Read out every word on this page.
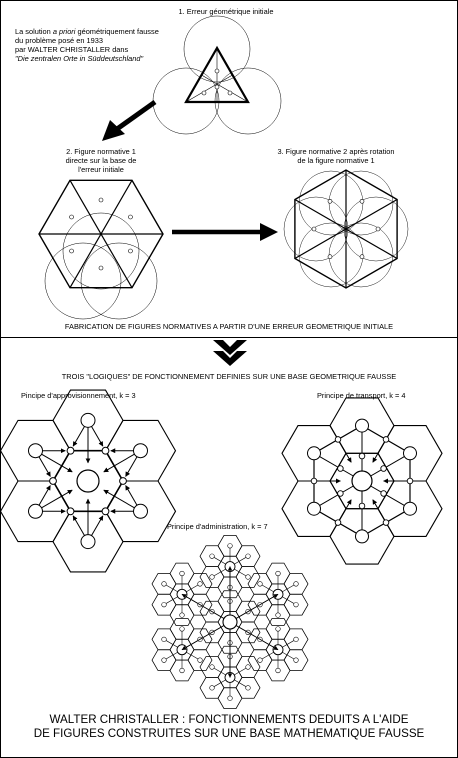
1. Erreur géométrique initiale
La solution a priori géométriquement fausse
du problème posé en 1933
par WALTER CHRISTALLER dans
"Die zentralen Orte in Süddeutschland"
2. Figure normative 1
directe sur la base de
l'erreur initiale
3. Figure normative 2 après rotation
de la figure normative 1
FABRICATION DE FIGURES NORMATIVES A PARTIR D'UNE ERREUR GEOMETRIQUE INITIALE
TROIS "LOGIQUES" DE FONCTIONNEMENT DEFINIES SUR UNE BASE GEOMETRIQUE FAUSSE
Pincipe d'approvisionnement, k = 3	Principe de transport, k = 4
Principe d'administration, k = 7
WALTER CHRISTALLER : FONCTIONNEMENTS DEDUITS A L'AIDE
DE FIGURES CONSTRUITES SUR UNE BASE MATHEMATIQUE FAUSSE
